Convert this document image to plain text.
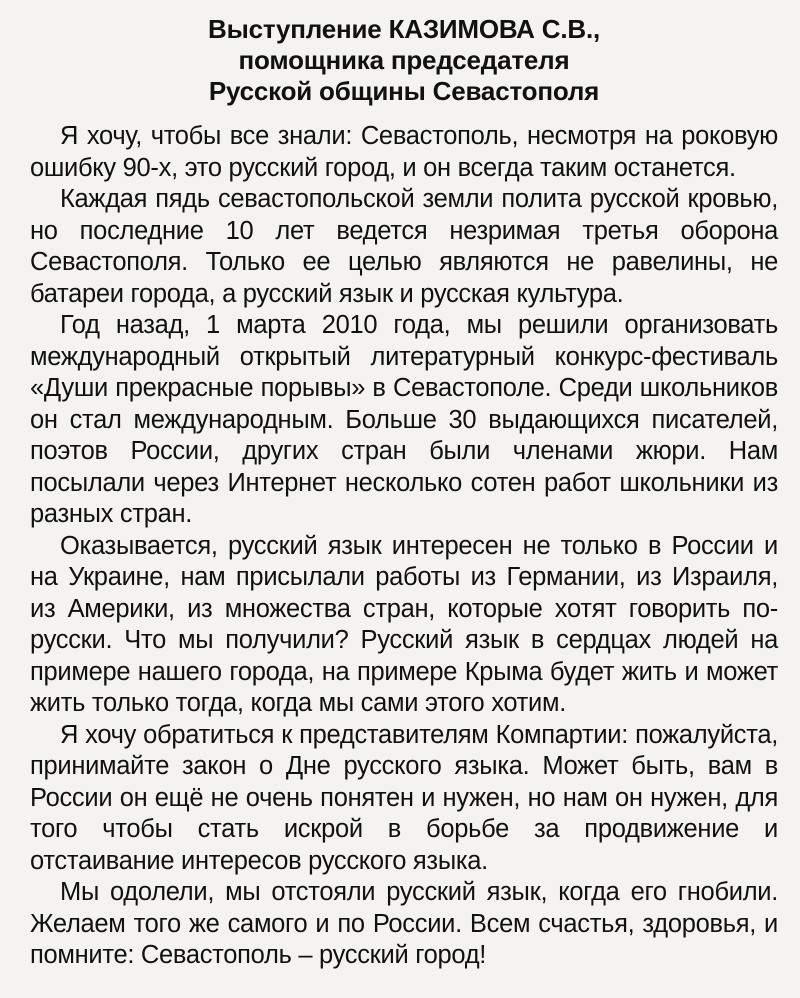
Выступление КАЗИМОВА С.В.,
помощника председателя
Русской общины Севастополя

Я хочу, чтобы все знали: Севастополь, несмотря на роковую ошибку 90-х, это русский город, и он всегда таким останется.

Каждая пядь севастопольской земли полита русской кровью, но последние 10 лет ведется незримая третья оборона Севастополя. Только ее целью являются не равелины, не батареи города, а русский язык и русская культура.

Год назад, 1 марта 2010 года, мы решили организовать международный открытый литературный конкурс-фестиваль «Души прекрасные порывы» в Севастополе. Среди школьников он стал международным. Больше 30 выдающихся писателей, поэтов России, других стран были членами жюри. Нам посылали через Интернет несколько сотен работ школьники из разных стран.

Оказывается, русский язык интересен не только в России и на Украине, нам присылали работы из Германии, из Израиля, из Америки, из множества стран, которые хотят говорить по-русски. Что мы получили? Русский язык в сердцах людей на примере нашего города, на примере Крыма будет жить и может жить только тогда, когда мы сами этого хотим.

Я хочу обратиться к представителям Компартии: пожалуйста, принимайте закон о Дне русского языка. Может быть, вам в России он ещё не очень понятен и нужен, но нам он нужен, для того чтобы стать искрой в борьбе за продвижение и отстаивание интересов русского языка.

Мы одолели, мы отстояли русский язык, когда его гнобили. Желаем того же самого и по России. Всем счастья, здоровья, и помните: Севастополь – русский город!
